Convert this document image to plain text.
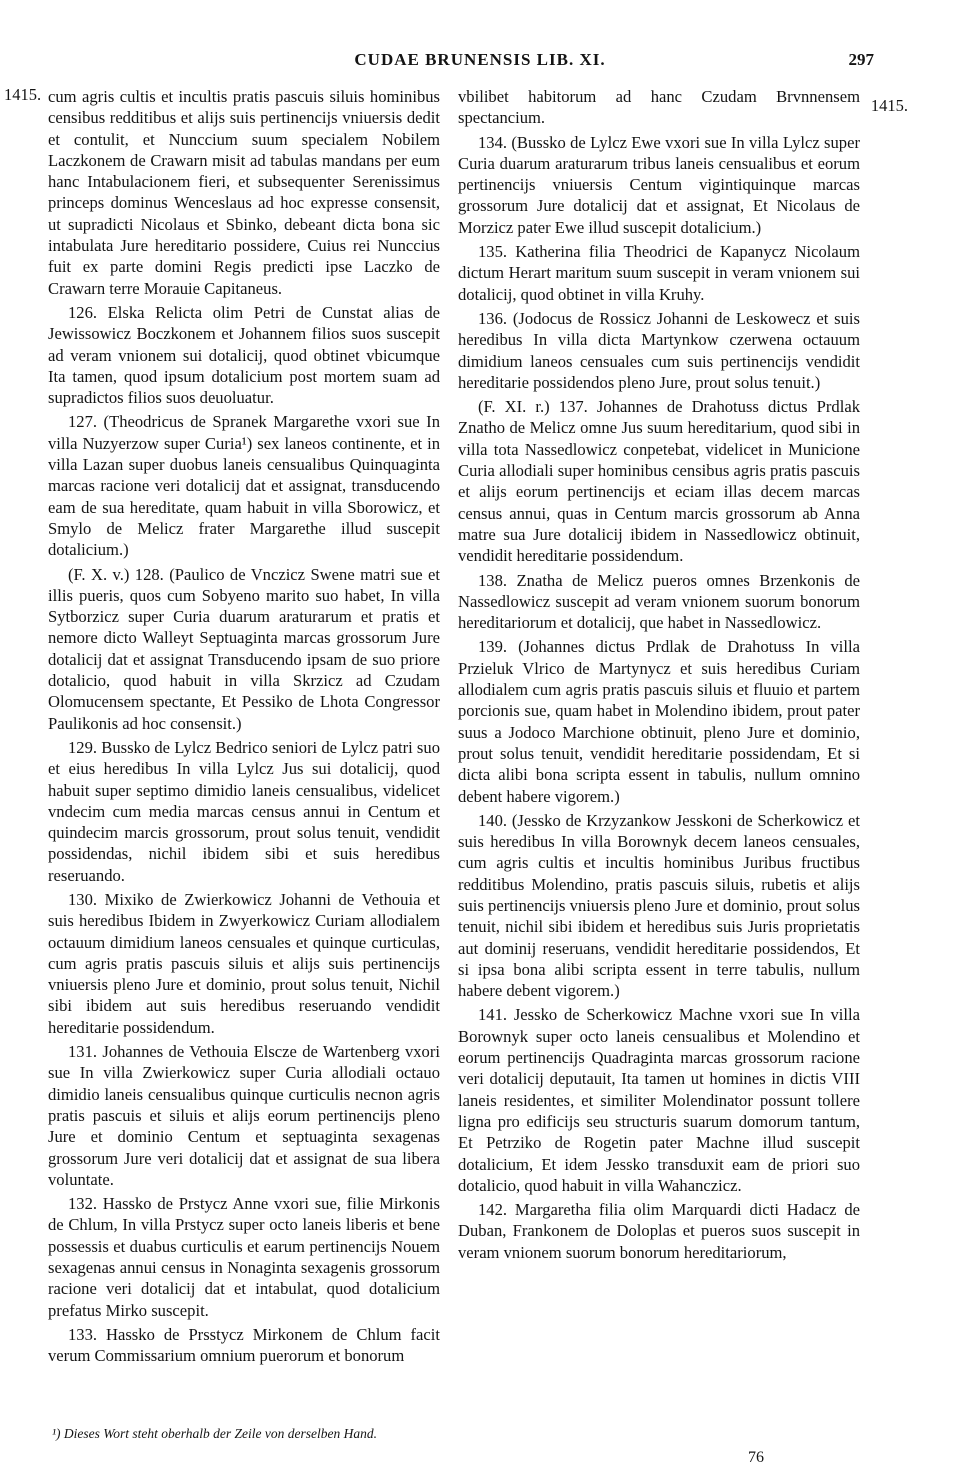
CUDAE BRUNENSIS LIB. XI.	297
1415.
1415.

cum agris cultis et incultis pratis pascuis siluis hominibus censibus redditibus et alijs suis pertinencijs vniuersis dedit et contulit, et Nunccium suum specialem Nobilem Laczkonem de Crawarn misit ad tabulas mandans per eum hanc Intabulacionem fieri, et subsequenter Serenissimus princeps dominus Wenceslaus ad hoc expresse consensit, ut supradicti Nicolaus et Sbinko, debeant dicta bona sic intabulata Jure hereditario possidere, Cuius rei Nunccius fuit ex parte domini Regis predicti ipse Laczko de Crawarn terre Morauie Capitaneus.

126. Elska Relicta olim Petri de Cunstat alias de Jewissowicz Boczkonem et Johannem filios suos suscepit ad veram vnionem sui dotalicij, quod obtinet vbicumque Ita tamen, quod ipsum dotalicium post mortem suam ad supradictos filios suos deuoluatur.

127. (Theodricus de Spranek Margarethe vxori sue In villa Nuzyerzow super Curia¹) sex laneos continente, et in villa Lazan super duobus laneis censualibus Quinquaginta marcas racione veri dotalicij dat et assignat, transducendo eam de sua hereditate, quam habuit in villa Sborowicz, et Smylo de Melicz frater Margarethe illud suscepit dotalicium.)

(F. X. v.) 128. (Paulico de Vnczicz Swene matri sue et illis pueris, quos cum Sobyeno marito suo habet, In villa Sytborzicz super Curia duarum araturarum et pratis et nemore dicto Walleyt Septuaginta marcas grossorum Jure dotalicij dat et assignat Transducendo ipsam de suo priore dotalicio, quod habuit in villa Skrzicz ad Czudam Olomucensem spectante, Et Pessiko de Lhota Congressor Paulikonis ad hoc consensit.)

129. Bussko de Lylcz Bedrico seniori de Lylcz patri suo et eius heredibus In villa Lylcz Jus sui dotalicij, quod habuit super septimo dimidio laneis censualibus, videlicet vndecim cum media marcas census annui in Centum et quindecim marcis grossorum, prout solus tenuit, vendidit possidendas, nichil ibidem sibi et suis heredibus reseruando.

130. Mixiko de Zwierkowicz Johanni de Vethouia et suis heredibus Ibidem in Zwyerkowicz Curiam allodialem octauum dimidium laneos censuales et quinque curticulas, cum agris pratis pascuis siluis et alijs suis pertinencijs vniuersis pleno Jure et dominio, prout solus tenuit, Nichil sibi ibidem aut suis heredibus reseruando vendidit hereditarie possidendum.

131. Johannes de Vethouia Elscze de Wartenberg vxori sue In villa Zwierkowicz super Curia allodiali octauo dimidio laneis censualibus quinque curticulis necnon agris pratis pascuis et siluis et alijs eorum pertinencijs pleno Jure et dominio Centum et septuaginta sexagenas grossorum Jure veri dotalicij dat et assignat de sua libera voluntate.

132. Hassko de Prstycz Anne vxori sue, filie Mirkonis de Chlum, In villa Prstycz super octo laneis liberis et bene possessis et duabus curticulis et earum pertinencijs Nouem sexagenas annui census in Nonaginta sexagenis grossorum racione veri dotalicij dat et intabulat, quod dotalicium prefatus Mirko suscepit.

133. Hassko de Prsstycz Mirkonem de Chlum facit verum Commissarium omnium puerorum et bonorum

vbilibet habitorum ad hanc Czudam Brvnnensem spectancium.

134. (Bussko de Lylcz Ewe vxori sue In villa Lylcz super Curia duarum araturarum tribus laneis censualibus et eorum pertinencijs vniuersis Centum vigintiquinque marcas grossorum Jure dotalicij dat et assignat, Et Nicolaus de Morzicz pater Ewe illud suscepit dotalicium.)

135. Katherina filia Theodrici de Kapanycz Nicolaum dictum Herart maritum suum suscepit in veram vnionem sui dotalicij, quod obtinet in villa Kruhy.

136. (Jodocus de Rossicz Johanni de Leskowecz et suis heredibus In villa dicta Martynkow czerwena octauum dimidium laneos censuales cum suis pertinencijs vendidit hereditarie possidendos pleno Jure, prout solus tenuit.)

(F. XI. r.) 137. Johannes de Drahotuss dictus Prdlak Znatho de Melicz omne Jus suum hereditarium, quod sibi in villa tota Nassedlowicz conpetebat, videlicet in Municione Curia allodiali super hominibus censibus agris pratis pascuis et alijs eorum pertinencijs et eciam illas decem marcas census annui, quas in Centum marcis grossorum ab Anna matre sua Jure dotalicij ibidem in Nassedlowicz obtinuit, vendidit hereditarie possidendum.

138. Znatha de Melicz pueros omnes Brzenkonis de Nassedlowicz suscepit ad veram vnionem suorum bonorum hereditariorum et dotalicij, que habet in Nassedlowicz.

139. (Johannes dictus Prdlak de Drahotuss In villa Przieluk Vlrico de Martynycz et suis heredibus Curiam allodialem cum agris pratis pascuis siluis et fluuio et partem porcionis sue, quam habet in Molendino ibidem, prout pater suus a Jodoco Marchione obtinuit, pleno Jure et dominio, prout solus tenuit, vendidit hereditarie possidendam, Et si dicta alibi bona scripta essent in tabulis, nullum omnino debent habere vigorem.)

140. (Jessko de Krzyzankow Jesskoni de Scherkowicz et suis heredibus In villa Borownyk decem laneos censuales, cum agris cultis et incultis hominibus Juribus fructibus redditibus Molendino, pratis pascuis siluis, rubetis et alijs suis pertinencijs vniuersis pleno Jure et dominio, prout solus tenuit, nichil sibi ibidem et heredibus suis Juris proprietatis aut dominij reseruans, vendidit hereditarie possidendos, Et si ipsa bona alibi scripta essent in terre tabulis, nullum habere debent vigorem.)

141. Jessko de Scherkowicz Machne vxori sue In villa Borownyk super octo laneis censualibus et Molendino et eorum pertinencijs Quadraginta marcas grossorum racione veri dotalicij deputauit, Ita tamen ut homines in dictis VIII laneis residentes, et similiter Molendinator possunt tollere ligna pro edificijs seu structuris suarum domorum tantum, Et Petrziko de Rogetin pater Machne illud suscepit dotalicium, Et idem Jessko transduxit eam de priori suo dotalicio, quod habuit in villa Wahanczicz.

142. Margaretha filia olim Marquardi dicti Hadacz de Duban, Frankonem de Doloplas et pueros suos suscepit in veram vnionem suorum bonorum hereditariorum,

¹) Dieses Wort steht oberhalb der Zeile von derselben Hand.
76
